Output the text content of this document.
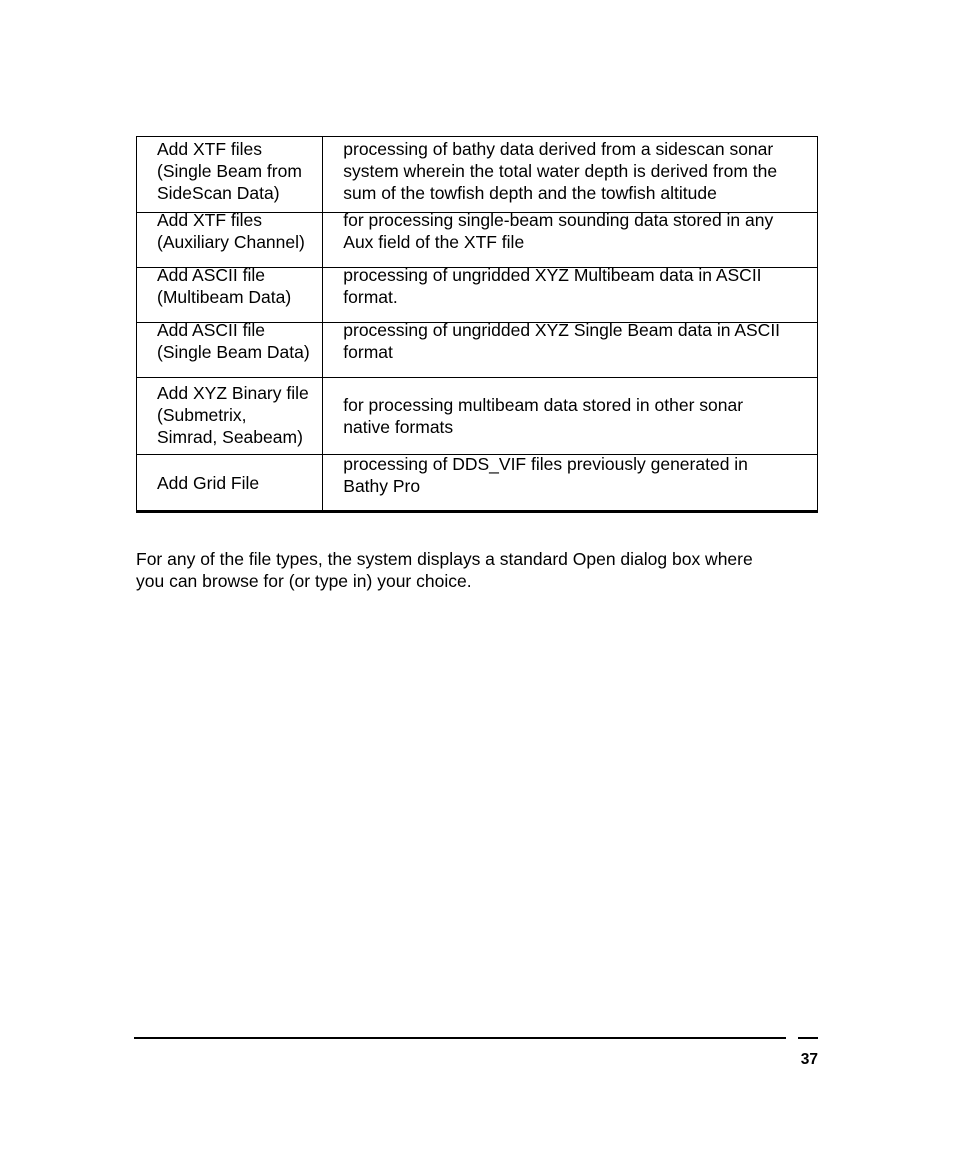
Add XTF files
(Single Beam from
SideScan Data)	processing of bathy data derived from a sidescan sonar
system wherein the total water depth is derived from the
sum of the towfish depth and the towfish altitude

Add XTF files
(Auxiliary Channel)	for processing single-beam sounding data stored in any
Aux field of the XTF file

Add ASCII file
(Multibeam Data)	processing of ungridded XYZ Multibeam data in ASCII
format.

Add ASCII file
(Single Beam Data)	processing of ungridded XYZ Single Beam data in ASCII
format

Add XYZ Binary file
(Submetrix,
Simrad, Seabeam)	for processing multibeam data stored in other sonar
native formats

Add Grid File	processing of DDS_VIF files previously generated in
Bathy Pro

For any of the file types, the system displays a standard Open dialog box where
you can browse for (or type in) your choice.

37
